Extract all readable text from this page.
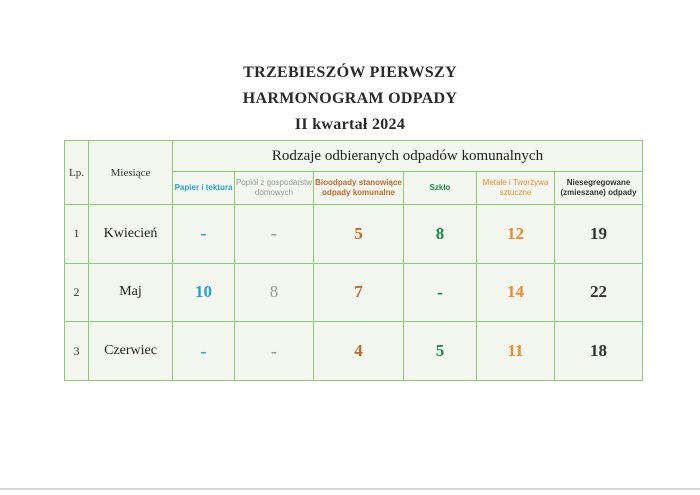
TRZEBIESZÓW PIERWSZY
HARMONOGRAM ODPADY
II kwartał 2024
Lp.	Miesiące	Rodzaje odbieranych odpadów komunalnych					
		Papier i tektura	Popiół z gospodarstw domowych	Bioodpady stanowiące odpady komunalne	Szkło	Metale i Tworzywa sztuczne	Niesegregowane (zmieszane) odpady
1	Kwiecień	-	-	5	8	12	19
2	Maj	10	8	7	-	14	22
3	Czerwiec	-	-	4	5	11	18
